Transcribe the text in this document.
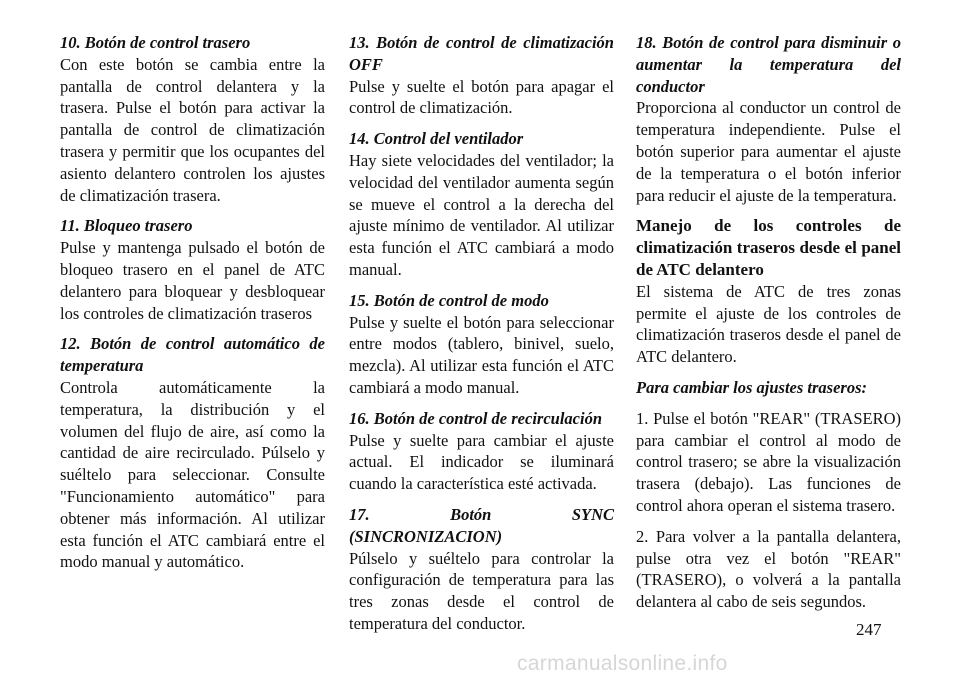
10. Botón de control trasero

Con este botón se cambia entre la pantalla de control delantera y la trasera. Pulse el botón para activar la pantalla de control de climatización trasera y permitir que los ocupantes del asiento delantero controlen los ajustes de climatización trasera.

11. Bloqueo trasero

Pulse y mantenga pulsado el botón de bloqueo trasero en el panel de ATC delantero para bloquear y desbloquear los controles de climatización traseros

12. Botón de control automático de temperatura

Controla automáticamente la temperatura, la distribución y el volumen del flujo de aire, así como la cantidad de aire recirculado. Púlselo y suéltelo para seleccionar. Consulte "Funcionamiento automático" para obtener más información. Al utilizar esta función el ATC cambiará entre el modo manual y automático.

13. Botón de control de climatización OFF

Pulse y suelte el botón para apagar el control de climatización.

14. Control del ventilador

Hay siete velocidades del ventilador; la velocidad del ventilador aumenta según se mueve el control a la derecha del ajuste mínimo de ventilador. Al utilizar esta función el ATC cambiará a modo manual.

15. Botón de control de modo

Pulse y suelte el botón para seleccionar entre modos (tablero, binivel, suelo, mezcla). Al utilizar esta función el ATC cambiará a modo manual.

16. Botón de control de recirculación

Pulse y suelte para cambiar el ajuste actual. El indicador se iluminará cuando la característica esté activada.

17. Botón SYNC (SINCRONIZACION)

Púlselo y suéltelo para controlar la configuración de temperatura para las tres zonas desde el control de temperatura del conductor.

18. Botón de control para disminuir o aumentar la temperatura del conductor

Proporciona al conductor un control de temperatura independiente. Pulse el botón superior para aumentar el ajuste de la temperatura o el botón inferior para reducir el ajuste de la temperatura.

Manejo de los controles de climatización traseros desde el panel de ATC delantero

El sistema de ATC de tres zonas permite el ajuste de los controles de climatización traseros desde el panel de ATC delantero.

Para cambiar los ajustes traseros:

1. Pulse el botón "REAR" (TRASERO) para cambiar el control al modo de control trasero; se abre la visualización trasera (debajo). Las funciones de control ahora operan el sistema trasero.

2. Para volver a la pantalla delantera, pulse otra vez el botón "REAR" (TRASERO), o volverá a la pantalla delantera al cabo de seis segundos.

247
carmanualsonline.info
